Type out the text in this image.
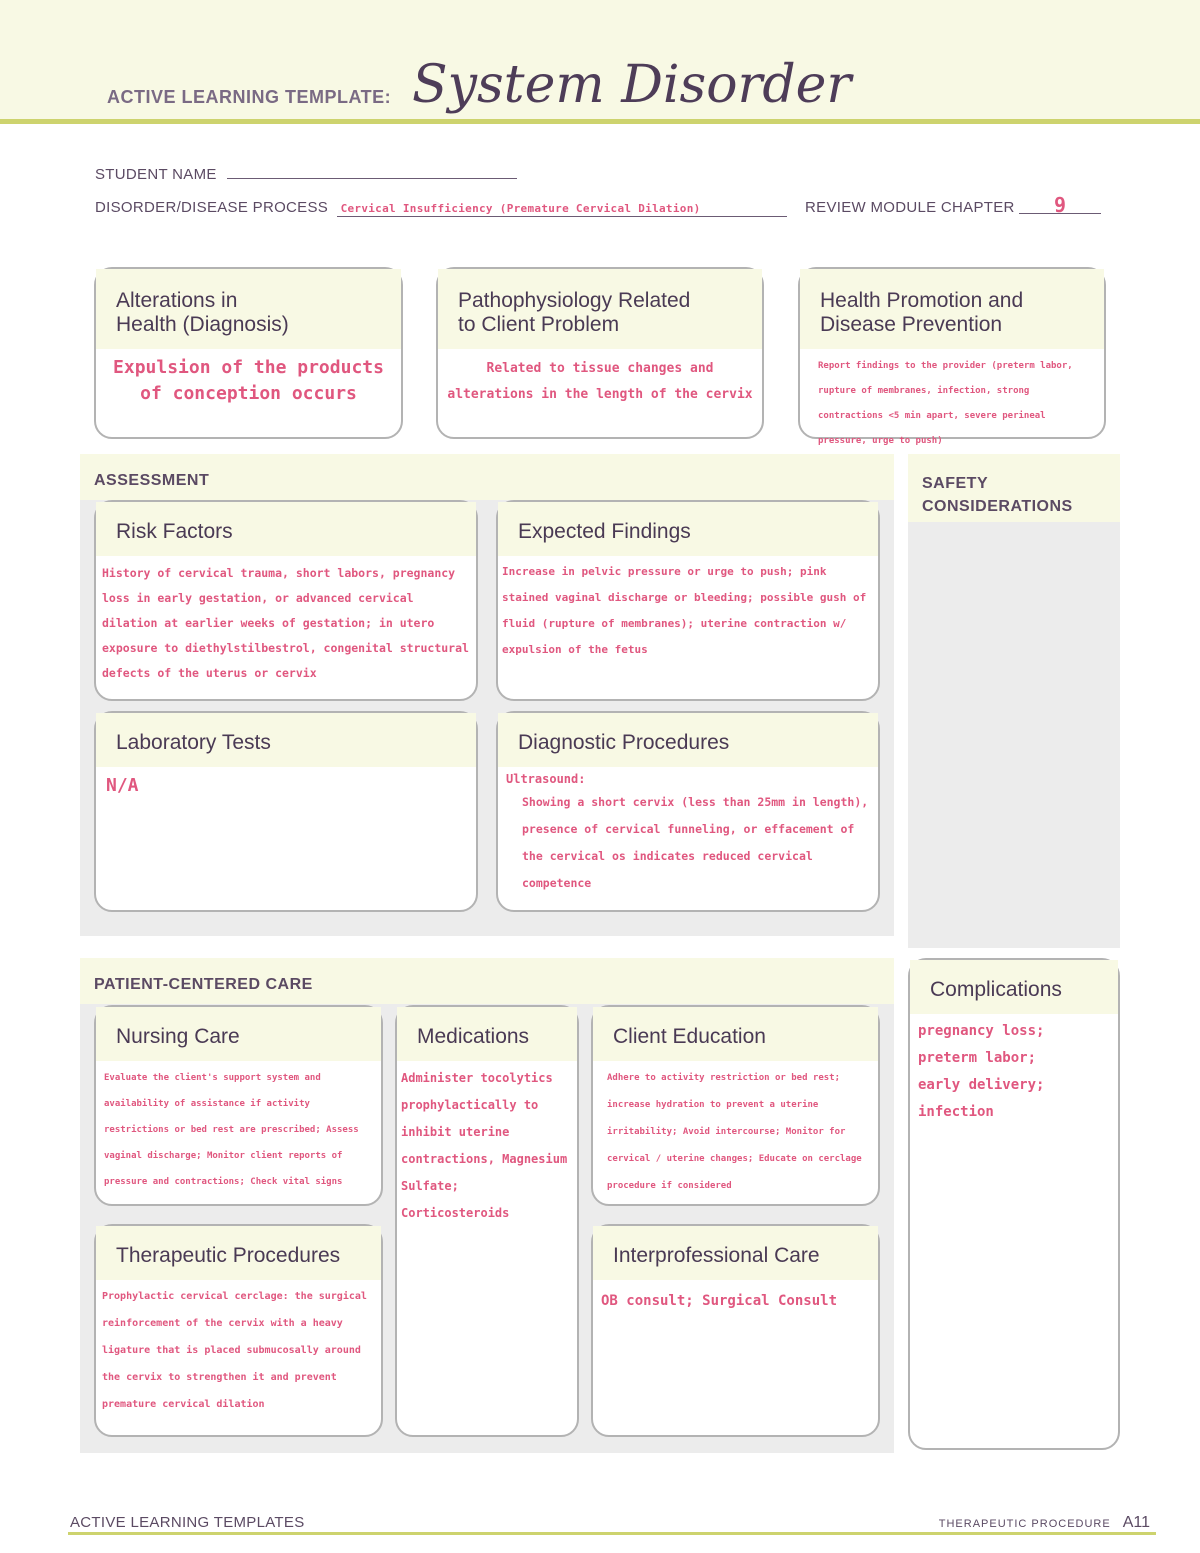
ACTIVE LEARNING TEMPLATE: System Disorder
STUDENT NAME
DISORDER/DISEASE PROCESS Cervical Insufficiency (Premature Cervical Dilation)	REVIEW MODULE CHAPTER 9
Alterations in
Health (Diagnosis)
Expulsion of the products of conception occurs
Pathophysiology Related
to Client Problem
Related to tissue changes and alterations in the length of the cervix
Health Promotion and
Disease Prevention
Report findings to the provider (preterm labor, rupture of membranes, infection, strong contractions <5 min apart, severe perineal pressure, urge to push)
ASSESSMENT
Risk Factors
History of cervical trauma, short labors, pregnancy loss in early gestation, or advanced cervical dilation at earlier weeks of gestation; in utero exposure to diethylstilbestrol, congenital structural defects of the uterus or cervix
Expected Findings
Increase in pelvic pressure or urge to push; pink stained vaginal discharge or bleeding; possible gush of fluid (rupture of membranes); uterine contraction w/ expulsion of the fetus
Laboratory Tests
N/A
Diagnostic Procedures
Ultrasound:
Showing a short cervix (less than 25mm in length), presence of cervical funneling, or effacement of the cervical os indicates reduced cervical competence
SAFETY
CONSIDERATIONS
Complications
pregnancy loss;
preterm labor;
early delivery;
infection
PATIENT-CENTERED CARE
Nursing Care
Evaluate the client's support system and availability of assistance if activity restrictions or bed rest are prescribed; Assess vaginal discharge; Monitor client reports of pressure and contractions; Check vital signs
Medications
Administer tocolytics prophylactically to inhibit uterine contractions, Magnesium Sulfate; Corticosteroids
Client Education
Adhere to activity restriction or bed rest; increase hydration to prevent a uterine irritability; Avoid intercourse; Monitor for cervical / uterine changes; Educate on cerclage procedure if considered
Therapeutic Procedures
Prophylactic cervical cerclage: the surgical reinforcement of the cervix with a heavy ligature that is placed submucosally around the cervix to strengthen it and prevent premature cervical dilation
Interprofessional Care
OB consult; Surgical Consult
ACTIVE LEARNING TEMPLATES	THERAPEUTIC PROCEDURE A11
